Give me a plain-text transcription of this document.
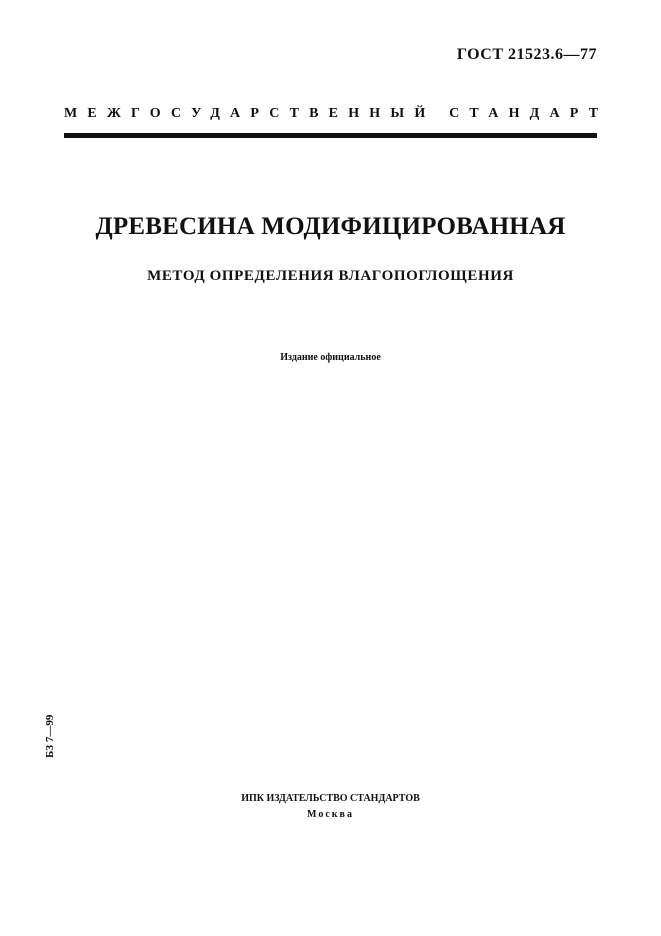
ГОСТ 21523.6—77
МЕЖГОСУДАРСТВЕННЫЙ СТАНДАРТ
ДРЕВЕСИНА МОДИФИЦИРОВАННАЯ
МЕТОД ОПРЕДЕЛЕНИЯ ВЛАГОПОГЛОЩЕНИЯ
Издание официальное
БЗ 7—99
ИПК ИЗДАТЕЛЬСТВО СТАНДАРТОВ
Москва
